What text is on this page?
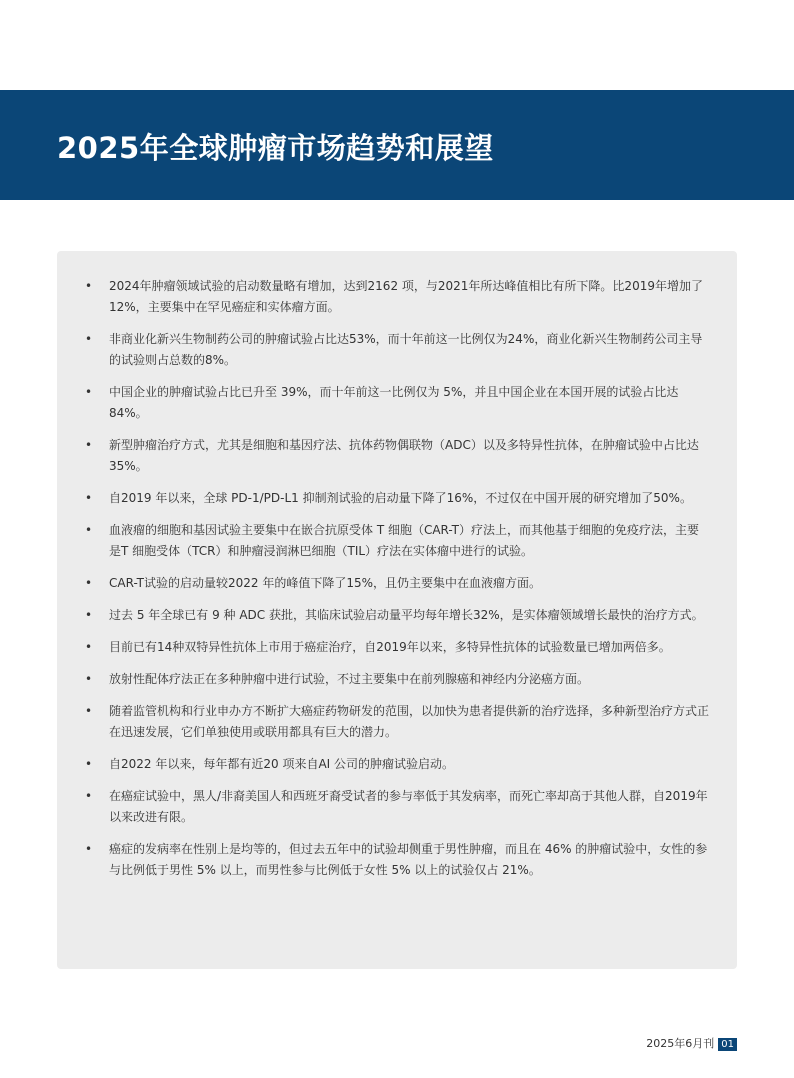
2025年全球肿瘤市场趋势和展望
• 2024年肿瘤领域试验的启动数量略有增加，达到2162 项，与2021年所达峰值相比有所下降。比2019年增加了12%，主要集中在罕见癌症和实体瘤方面。
• 非商业化新兴生物制药公司的肿瘤试验占比达53%，而十年前这一比例仅为24%，商业化新兴生物制药公司主导的试验则占总数的8%。
• 中国企业的肿瘤试验占比已升至 39%，而十年前这一比例仅为 5%，并且中国企业在本国开展的试验占比达 84%。
• 新型肿瘤治疗方式，尤其是细胞和基因疗法、抗体药物偶联物（ADC）以及多特异性抗体，在肿瘤试验中占比达 35%。
• 自2019 年以来，全球 PD-1/PD-L1 抑制剂试验的启动量下降了16%，不过仅在中国开展的研究增加了50%。
• 血液瘤的细胞和基因试验主要集中在嵌合抗原受体 T 细胞（CAR-T）疗法上，而其他基于细胞的免疫疗法，主要是T 细胞受体（TCR）和肿瘤浸润淋巴细胞（TIL）疗法在实体瘤中进行的试验。
• CAR-T试验的启动量较2022 年的峰值下降了15%，且仍主要集中在血液瘤方面。
• 过去 5 年全球已有 9 种 ADC 获批，其临床试验启动量平均每年增长32%，是实体瘤领域增长最快的治疗方式。
• 目前已有14种双特异性抗体上市用于癌症治疗，自2019年以来，多特异性抗体的试验数量已增加两倍多。
• 放射性配体疗法正在多种肿瘤中进行试验，不过主要集中在前列腺癌和神经内分泌癌方面。
• 随着监管机构和行业申办方不断扩大癌症药物研发的范围，以加快为患者提供新的治疗选择，多种新型治疗方式正在迅速发展，它们单独使用或联用都具有巨大的潜力。
• 自2022 年以来，每年都有近20 项来自AI 公司的肿瘤试验启动。
• 在癌症试验中，黑人/非裔美国人和西班牙裔受试者的参与率低于其发病率，而死亡率却高于其他人群，自2019年以来改进有限。
• 癌症的发病率在性别上是均等的，但过去五年中的试验却侧重于男性肿瘤，而且在 46% 的肿瘤试验中，女性的参与比例低于男性 5% 以上，而男性参与比例低于女性 5% 以上的试验仅占 21%。
2025年6月刊 01
